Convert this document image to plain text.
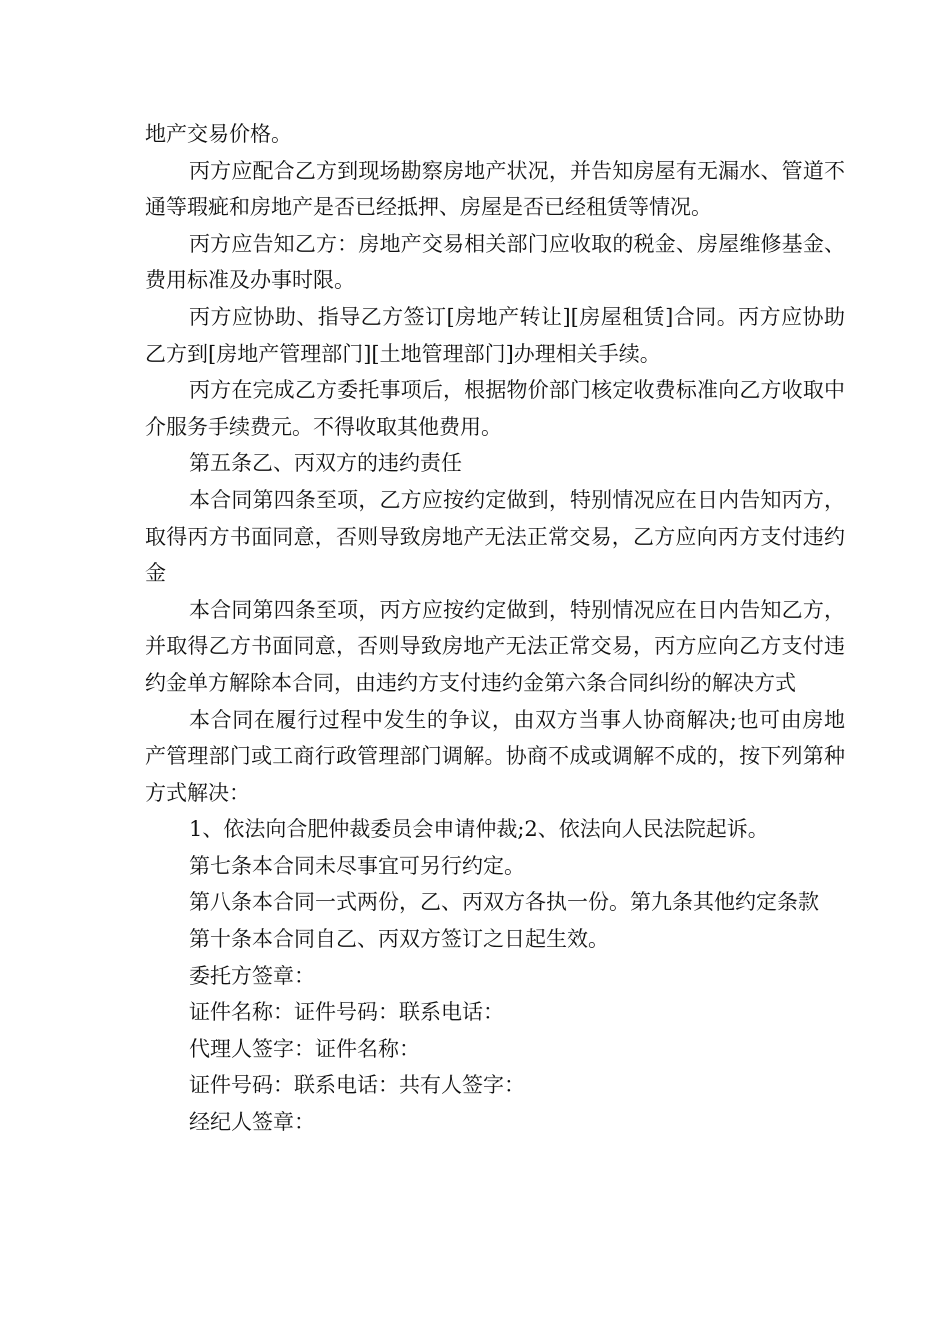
地产交易价格。

丙方应配合乙方到现场勘察房地产状况，并告知房屋有无漏水、管道不通等瑕疵和房地产是否已经抵押、房屋是否已经租赁等情况。

丙方应告知乙方：房地产交易相关部门应收取的税金、房屋维修基金、费用标准及办事时限。

丙方应协助、指导乙方签订[房地产转让][房屋租赁]合同。丙方应协助乙方到[房地产管理部门][土地管理部门]办理相关手续。

丙方在完成乙方委托事项后，根据物价部门核定收费标准向乙方收取中介服务手续费元。不得收取其他费用。

第五条乙、丙双方的违约责任

本合同第四条至项，乙方应按约定做到，特别情况应在日内告知丙方，取得丙方书面同意，否则导致房地产无法正常交易，乙方应向丙方支付违约金

本合同第四条至项，丙方应按约定做到，特别情况应在日内告知乙方，并取得乙方书面同意，否则导致房地产无法正常交易，丙方应向乙方支付违约金单方解除本合同，由违约方支付违约金第六条合同纠纷的解决方式

本合同在履行过程中发生的争议，由双方当事人协商解决;也可由房地产管理部门或工商行政管理部门调解。协商不成或调解不成的，按下列第种方式解决：

1、依法向合肥仲裁委员会申请仲裁;2、依法向人民法院起诉。

第七条本合同未尽事宜可另行约定。

第八条本合同一式两份，乙、丙双方各执一份。第九条其他约定条款

第十条本合同自乙、丙双方签订之日起生效。

委托方签章：

证件名称：证件号码：联系电话：

代理人签字：证件名称：

证件号码：联系电话：共有人签字：

经纪人签章：
